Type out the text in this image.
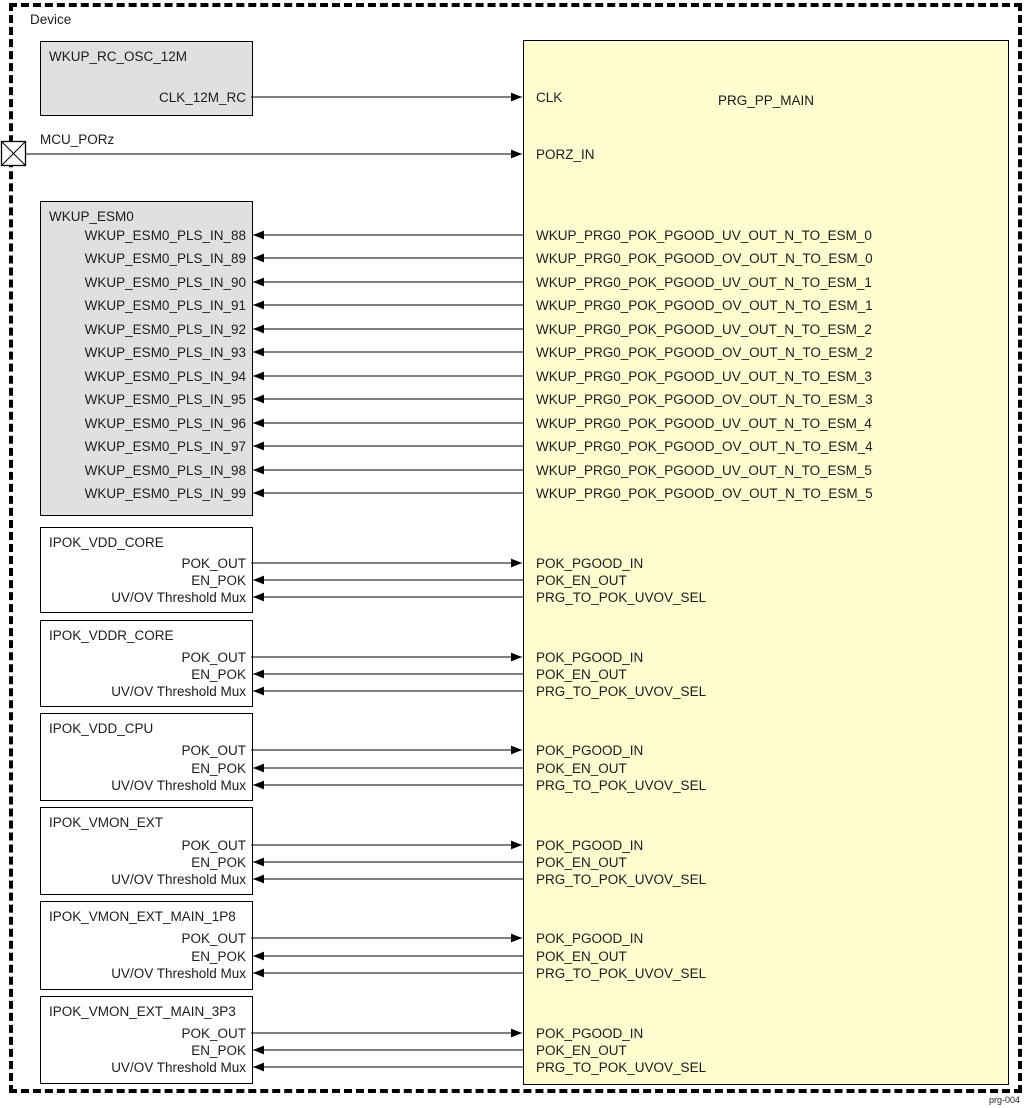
Device
WKUP_RC_OSC_12M
CLK_12M_RC
MCU_PORz
WKUP_ESM0
WKUP_ESM0_PLS_IN_88
WKUP_ESM0_PLS_IN_89
WKUP_ESM0_PLS_IN_90
WKUP_ESM0_PLS_IN_91
WKUP_ESM0_PLS_IN_92
WKUP_ESM0_PLS_IN_93
WKUP_ESM0_PLS_IN_94
WKUP_ESM0_PLS_IN_95
WKUP_ESM0_PLS_IN_96
WKUP_ESM0_PLS_IN_97
WKUP_ESM0_PLS_IN_98
WKUP_ESM0_PLS_IN_99
IPOK_VDD_CORE
POK_OUT
EN_POK
UV/OV Threshold Mux
IPOK_VDDR_CORE
POK_OUT
EN_POK
UV/OV Threshold Mux
IPOK_VDD_CPU
POK_OUT
EN_POK
UV/OV Threshold Mux
IPOK_VMON_EXT
POK_OUT
EN_POK
UV/OV Threshold Mux
IPOK_VMON_EXT_MAIN_1P8
POK_OUT
EN_POK
UV/OV Threshold Mux
IPOK_VMON_EXT_MAIN_3P3
POK_OUT
EN_POK
UV/OV Threshold Mux
PRG_PP_MAIN
CLK
PORZ_IN
WKUP_PRG0_POK_PGOOD_UV_OUT_N_TO_ESM_0
WKUP_PRG0_POK_PGOOD_OV_OUT_N_TO_ESM_0
WKUP_PRG0_POK_PGOOD_UV_OUT_N_TO_ESM_1
WKUP_PRG0_POK_PGOOD_OV_OUT_N_TO_ESM_1
WKUP_PRG0_POK_PGOOD_UV_OUT_N_TO_ESM_2
WKUP_PRG0_POK_PGOOD_OV_OUT_N_TO_ESM_2
WKUP_PRG0_POK_PGOOD_UV_OUT_N_TO_ESM_3
WKUP_PRG0_POK_PGOOD_OV_OUT_N_TO_ESM_3
WKUP_PRG0_POK_PGOOD_UV_OUT_N_TO_ESM_4
WKUP_PRG0_POK_PGOOD_OV_OUT_N_TO_ESM_4
WKUP_PRG0_POK_PGOOD_UV_OUT_N_TO_ESM_5
WKUP_PRG0_POK_PGOOD_OV_OUT_N_TO_ESM_5
POK_PGOOD_IN
POK_EN_OUT
PRG_TO_POK_UVOV_SEL
POK_PGOOD_IN
POK_EN_OUT
PRG_TO_POK_UVOV_SEL
POK_PGOOD_IN
POK_EN_OUT
PRG_TO_POK_UVOV_SEL
POK_PGOOD_IN
POK_EN_OUT
PRG_TO_POK_UVOV_SEL
POK_PGOOD_IN
POK_EN_OUT
PRG_TO_POK_UVOV_SEL
POK_PGOOD_IN
POK_EN_OUT
PRG_TO_POK_UVOV_SEL
prg-004
